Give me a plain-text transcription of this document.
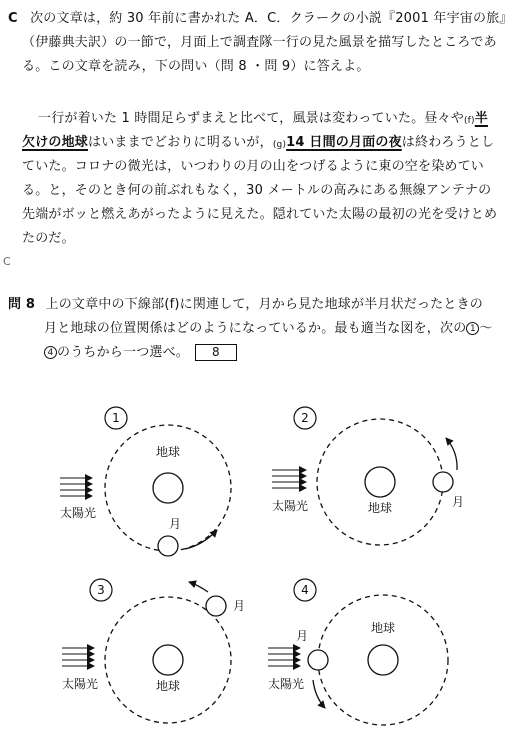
C 次の文章は，約 30 年前に書かれた A．C．クラークの小説『2001 年宇宙の旅』
（伊藤典夫訳）の一節で，月面上で調査隊一行の見た風景を描写したところであ
る。この文章を読み，下の問い（問 8 ・問 9）に答えよ。
一行が着いた 1 時間足らずまえと比べて，風景は変わっていた。昼々や(f)半
欠けの地球はいままでどおりに明るいが，(g)14 日間の月面の夜は終わろうとし
ていた。コロナの微光は，いつわりの月の山をつげるように東の空を染めてい
る。と，そのとき何の前ぶれもなく，30 メートルの高みにある無線アンテナの
先端がボッと燃えあがったように見えた。隠れていた太陽の最初の光を受けとめ
たのだ。
C
問 8 上の文章中の下線部(f)に関連して，月から見た地球が半月状だったときの
月と地球の位置関係はどのようになっているか。最も適当な図を，次の 1 〜
4 のうちから一つ選べ。 8
1
地球
月
太陽光
2
地球	月
太陽光
3
地球
月
太陽光
4
地球
月
太陽光
